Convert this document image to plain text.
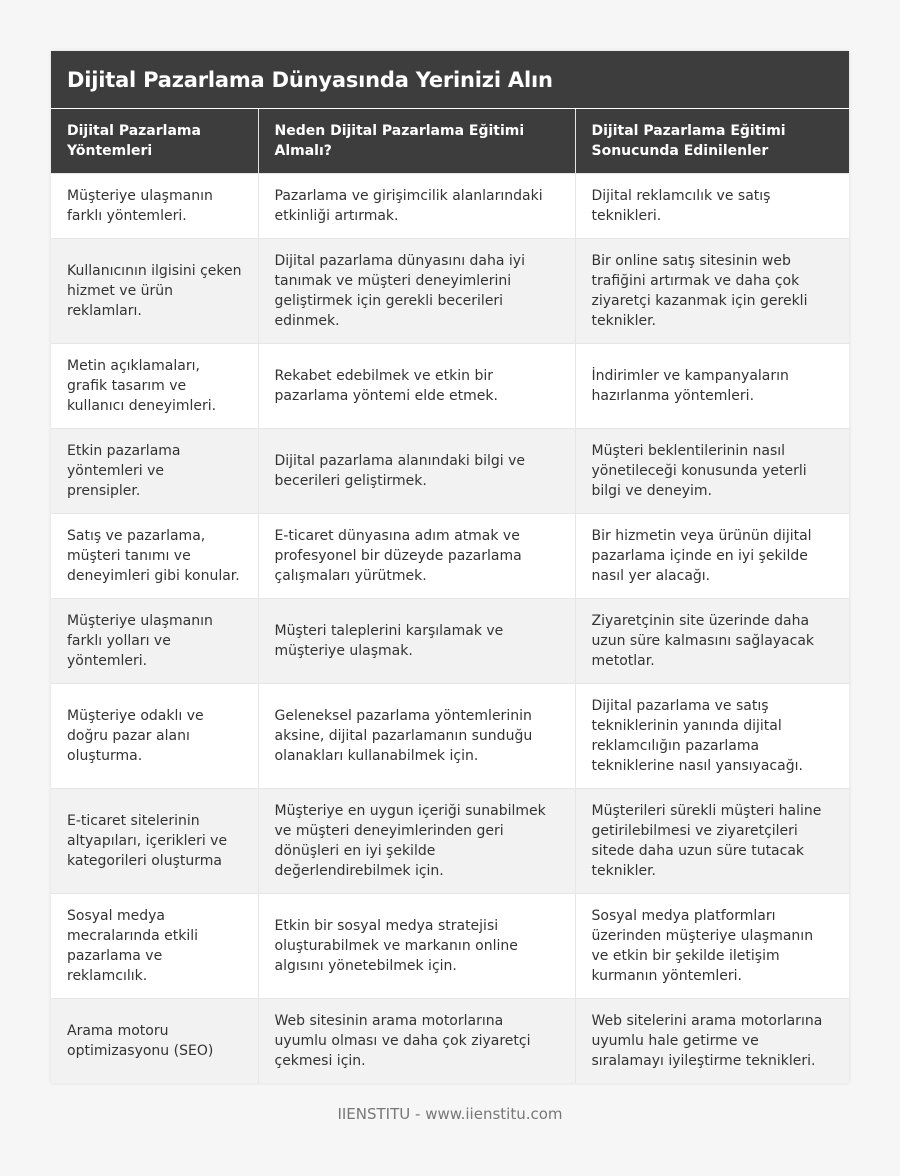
Dijital Pazarlama Dünyasında Yerinizi Alın
Dijital Pazarlama Yöntemleri	Neden Dijital Pazarlama Eğitimi Almalı?	Dijital Pazarlama Eğitimi Sonucunda Edinilenler
Müşteriye ulaşmanın farklı yöntemleri.	Pazarlama ve girişimcilik alanlarındaki etkinliği artırmak.	Dijital reklamcılık ve satış teknikleri.
Kullanıcının ilgisini çeken hizmet ve ürün reklamları.	Dijital pazarlama dünyasını daha iyi tanımak ve müşteri deneyimlerini geliştirmek için gerekli becerileri edinmek.	Bir online satış sitesinin web trafiğini artırmak ve daha çok ziyaretçi kazanmak için gerekli teknikler.
Metin açıklamaları, grafik tasarım ve kullanıcı deneyimleri.	Rekabet edebilmek ve etkin bir pazarlama yöntemi elde etmek.	İndirimler ve kampanyaların hazırlanma yöntemleri.
Etkin pazarlama yöntemleri ve prensipler.	Dijital pazarlama alanındaki bilgi ve becerileri geliştirmek.	Müşteri beklentilerinin nasıl yönetileceği konusunda yeterli bilgi ve deneyim.
Satış ve pazarlama, müşteri tanımı ve deneyimleri gibi konular.	E-ticaret dünyasına adım atmak ve profesyonel bir düzeyde pazarlama çalışmaları yürütmek.	Bir hizmetin veya ürünün dijital pazarlama içinde en iyi şekilde nasıl yer alacağı.
Müşteriye ulaşmanın farklı yolları ve yöntemleri.	Müşteri taleplerini karşılamak ve müşteriye ulaşmak.	Ziyaretçinin site üzerinde daha uzun süre kalmasını sağlayacak metotlar.
Müşteriye odaklı ve doğru pazar alanı oluşturma.	Geleneksel pazarlama yöntemlerinin aksine, dijital pazarlamanın sunduğu olanakları kullanabilmek için.	Dijital pazarlama ve satış tekniklerinin yanında dijital reklamcılığın pazarlama tekniklerine nasıl yansıyacağı.
E-ticaret sitelerinin altyapıları, içerikleri ve kategorileri oluşturma	Müşteriye en uygun içeriği sunabilmek ve müşteri deneyimlerinden geri dönüşleri en iyi şekilde değerlendirebilmek için.	Müşterileri sürekli müşteri haline getirilebilmesi ve ziyaretçileri sitede daha uzun süre tutacak teknikler.
Sosyal medya mecralarında etkili pazarlama ve reklamcılık.	Etkin bir sosyal medya stratejisi oluşturabilmek ve markanın online algısını yönetebilmek için.	Sosyal medya platformları üzerinden müşteriye ulaşmanın ve etkin bir şekilde iletişim kurmanın yöntemleri.
Arama motoru optimizasyonu (SEO)	Web sitesinin arama motorlarına uyumlu olması ve daha çok ziyaretçi çekmesi için.	Web sitelerini arama motorlarına uyumlu hale getirme ve sıralamayı iyileştirme teknikleri.
IIENSTITU - www.iienstitu.com
